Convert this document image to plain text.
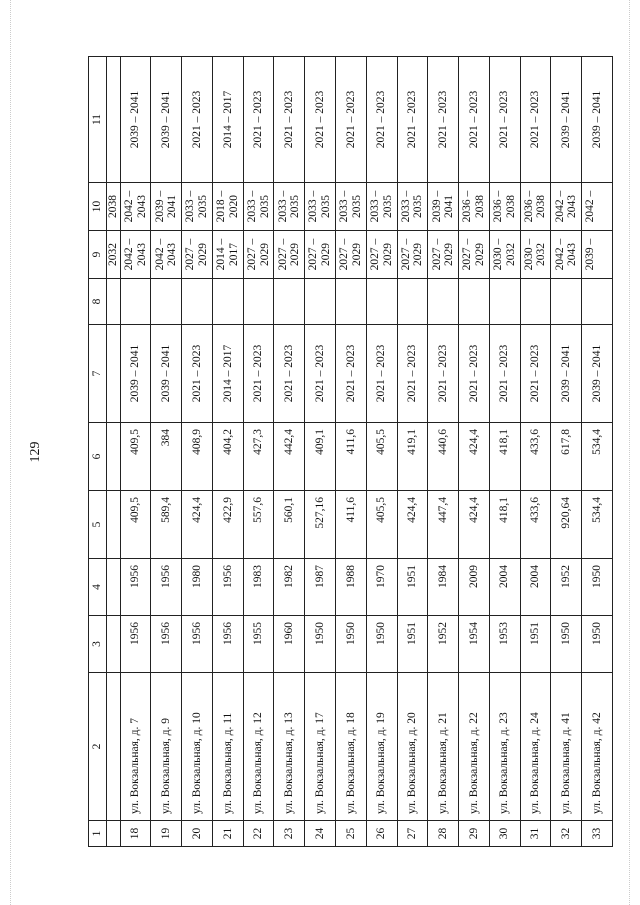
129
1	2	3	4	5	6	7	8	9	10	11
								2032	2038	
18	ул. Вокзальная, д. 7	1956	1956	409,5	409,5	2039 – 2041		2042 – 2043	2042 – 2043	2039 – 2041
19	ул. Вокзальная, д. 9	1956	1956	589,4	384	2039 – 2041		2042 – 2043	2039 – 2041	2039 – 2041
20	ул. Вокзальная, д. 10	1956	1980	424,4	408,9	2021 – 2023		2027 – 2029	2033 – 2035	2021 – 2023
21	ул. Вокзальная, д. 11	1956	1956	422,9	404,2	2014 – 2017		2014 – 2017	2018 – 2020	2014 – 2017
22	ул. Вокзальная, д. 12	1955	1983	557,6	427,3	2021 – 2023		2027 – 2029	2033 – 2035	2021 – 2023
23	ул. Вокзальная, д. 13	1960	1982	560,1	442,4	2021 – 2023		2027 – 2029	2033 – 2035	2021 – 2023
24	ул. Вокзальная, д. 17	1950	1987	527,16	409,1	2021 – 2023		2027 – 2029	2033 – 2035	2021 – 2023
25	ул. Вокзальная, д. 18	1950	1988	411,6	411,6	2021 – 2023		2027 – 2029	2033 – 2035	2021 – 2023
26	ул. Вокзальная, д. 19	1950	1970	405,5	405,5	2021 – 2023		2027 – 2029	2033 – 2035	2021 – 2023
27	ул. Вокзальная, д. 20	1951	1951	424,4	419,1	2021 – 2023		2027 – 2029	2033 – 2035	2021 – 2023
28	ул. Вокзальная, д. 21	1952	1984	447,4	440,6	2021 – 2023		2027 – 2029	2039 – 2041	2021 – 2023
29	ул. Вокзальная, д. 22	1954	2009	424,4	424,4	2021 – 2023		2027 – 2029	2036 – 2038	2021 – 2023
30	ул. Вокзальная, д. 23	1953	2004	418,1	418,1	2021 – 2023		2030 – 2032	2036 – 2038	2021 – 2023
31	ул. Вокзальная, д. 24	1951	2004	433,6	433,6	2021 – 2023		2030 – 2032	2036 – 2038	2021 – 2023
32	ул. Вокзальная, д. 41	1950	1952	920,64	617,8	2039 – 2041		2042 – 2043	2042 – 2043	2039 – 2041
33	ул. Вокзальная, д. 42	1950	1950	534,4	534,4	2039 – 2041		2039 –	2042 –	2039 – 2041
